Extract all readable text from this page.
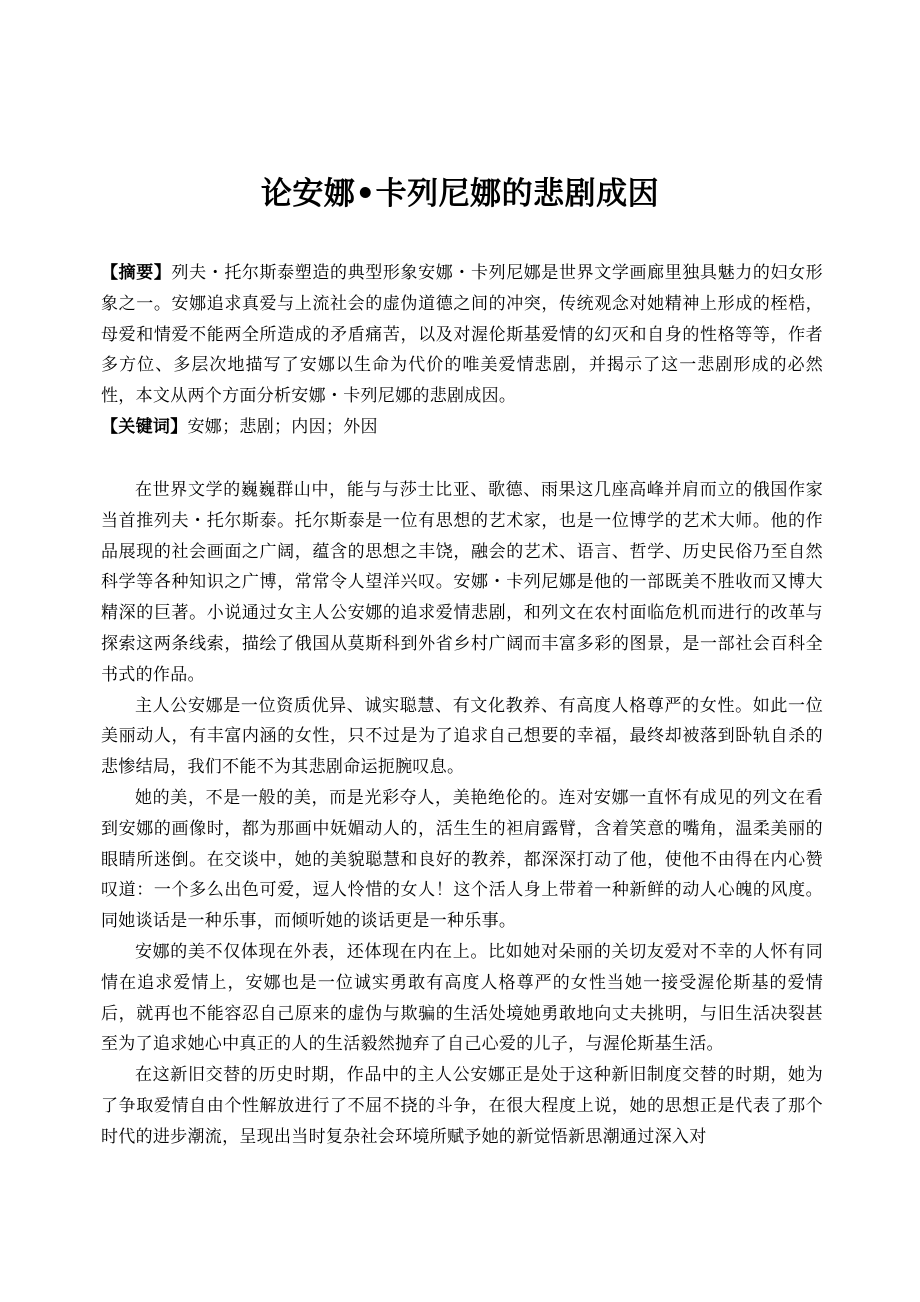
论安娜•卡列尼娜的悲剧成因

【摘要】列夫・托尔斯泰塑造的典型形象安娜・卡列尼娜是世界文学画廊里独具魅力的妇女形象之一。安娜追求真爱与上流社会的虚伪道德之间的冲突，传统观念对她精神上形成的桎梏，母爱和情爱不能两全所造成的矛盾痛苦，以及对渥伦斯基爱情的幻灭和自身的性格等等，作者多方位、多层次地描写了安娜以生命为代价的唯美爱情悲剧，并揭示了这一悲剧形成的必然性，本文从两个方面分析安娜・卡列尼娜的悲剧成因。

【关键词】安娜；悲剧；内因；外因

在世界文学的巍巍群山中，能与与莎士比亚、歌德、雨果这几座高峰并肩而立的俄国作家当首推列夫・托尔斯泰。托尔斯泰是一位有思想的艺术家，也是一位博学的艺术大师。他的作品展现的社会画面之广阔，蕴含的思想之丰饶，融会的艺术、语言、哲学、历史民俗乃至自然科学等各种知识之广博，常常令人望洋兴叹。安娜・卡列尼娜是他的一部既美不胜收而又博大精深的巨著。小说通过女主人公安娜的追求爱情悲剧，和列文在农村面临危机而进行的改革与探索这两条线索，描绘了俄国从莫斯科到外省乡村广阔而丰富多彩的图景，是一部社会百科全书式的作品。

主人公安娜是一位资质优异、诚实聪慧、有文化教养、有高度人格尊严的女性。如此一位美丽动人，有丰富内涵的女性，只不过是为了追求自己想要的幸福，最终却被落到卧轨自杀的悲惨结局，我们不能不为其悲剧命运扼腕叹息。

她的美，不是一般的美，而是光彩夺人，美艳绝伦的。连对安娜一直怀有成见的列文在看到安娜的画像时，都为那画中妩媚动人的，活生生的袒肩露臂，含着笑意的嘴角，温柔美丽的眼睛所迷倒。在交谈中，她的美貌聪慧和良好的教养，都深深打动了他，使他不由得在内心赞叹道：一个多么出色可爱，逗人怜惜的女人！这个活人身上带着一种新鲜的动人心魄的风度。同她谈话是一种乐事，而倾听她的谈话更是一种乐事。

安娜的美不仅体现在外表，还体现在内在上。比如她对朵丽的关切友爱对不幸的人怀有同情在追求爱情上，安娜也是一位诚实勇敢有高度人格尊严的女性当她一接受渥伦斯基的爱情后，就再也不能容忍自己原来的虚伪与欺骗的生活处境她勇敢地向丈夫挑明，与旧生活决裂甚至为了追求她心中真正的人的生活毅然抛弃了自己心爱的儿子，与渥伦斯基生活。

在这新旧交替的历史时期，作品中的主人公安娜正是处于这种新旧制度交替的时期，她为了争取爱情自由个性解放进行了不屈不挠的斗争，在很大程度上说，她的思想正是代表了那个时代的进步潮流，呈现出当时复杂社会环境所赋予她的新觉悟新思潮通过深入对
